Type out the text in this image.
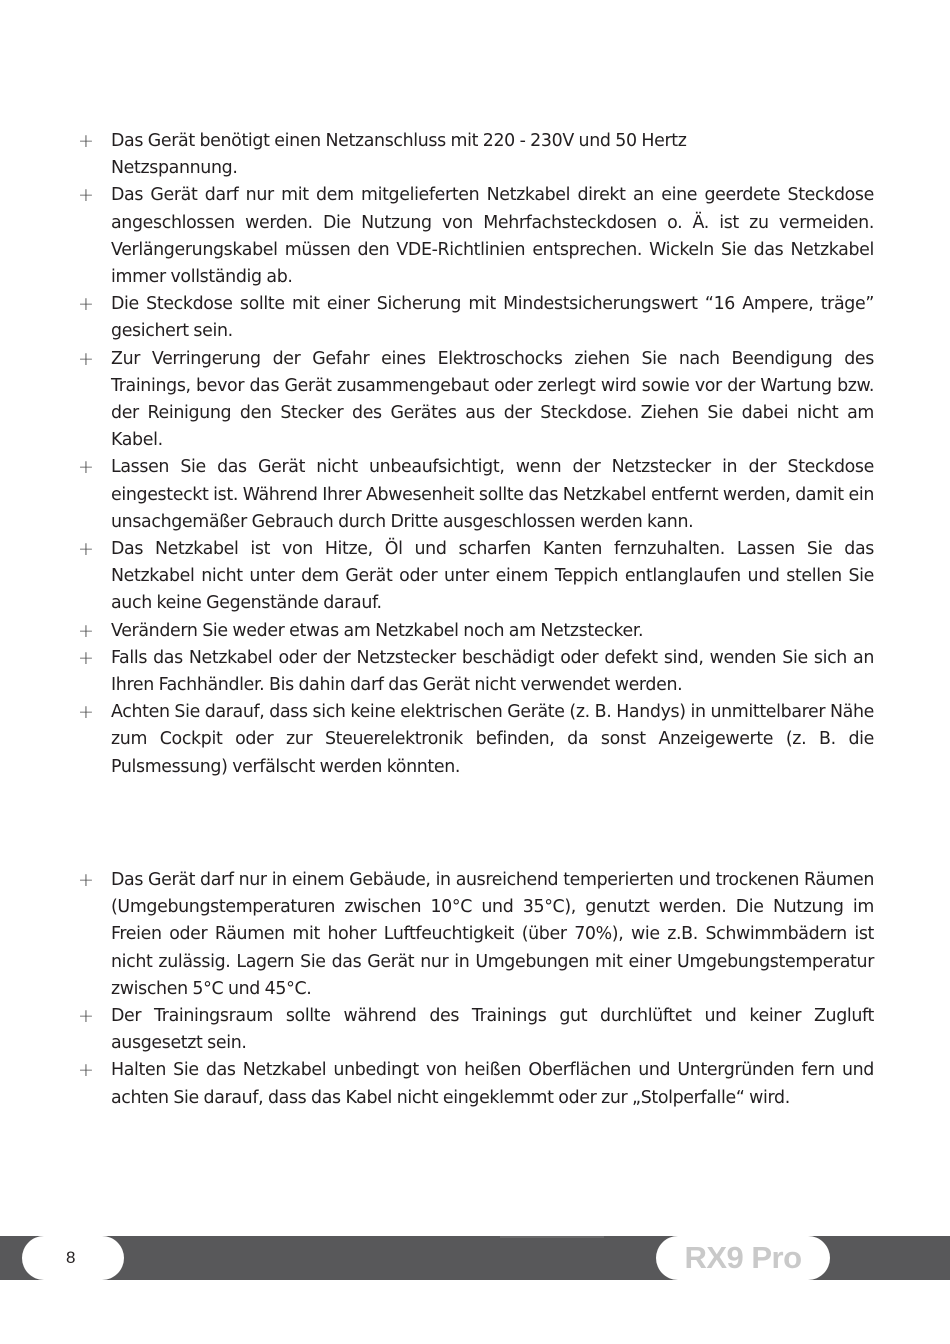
+ Das Gerät benötigt einen Netzanschluss mit 220 - 230V und 50 Hertz Netzspannung.
+ Das Gerät darf nur mit dem mitgelieferten Netzkabel direkt an eine geerdete Steckdose angeschlossen werden. Die Nutzung von Mehrfachsteckdosen o. Ä. ist zu vermeiden. Verlängerungskabel müssen den VDE-Richtlinien entsprechen. Wickeln Sie das Netzkabel immer vollständig ab.
+ Die Steckdose sollte mit einer Sicherung mit Mindestsicherungswert “16 Ampere, träge” gesichert sein.
+ Zur Verringerung der Gefahr eines Elektroschocks ziehen Sie nach Beendigung des Trainings, bevor das Gerät zusammengebaut oder zerlegt wird sowie vor der Wartung bzw. der Reinigung den Stecker des Gerätes aus der Steckdose. Ziehen Sie dabei nicht am Kabel.
+ Lassen Sie das Gerät nicht unbeaufsichtigt, wenn der Netzstecker in der Steckdose eingesteckt ist. Während Ihrer Abwesenheit sollte das Netzkabel entfernt werden, damit ein unsachgemäßer Gebrauch durch Dritte ausgeschlossen werden kann.
+ Das Netzkabel ist von Hitze, Öl und scharfen Kanten fernzuhalten. Lassen Sie das Netzkabel nicht unter dem Gerät oder unter einem Teppich entlanglaufen und stellen Sie auch keine Gegenstände darauf.
+ Verändern Sie weder etwas am Netzkabel noch am Netzstecker.
+ Falls das Netzkabel oder der Netzstecker beschädigt oder defekt sind, wenden Sie sich an Ihren Fachhändler. Bis dahin darf das Gerät nicht verwendet werden.
+ Achten Sie darauf, dass sich keine elektrischen Geräte (z. B. Handys) in unmittelbarer Nähe zum Cockpit oder zur Steuerelektronik befinden, da sonst Anzeigewerte (z. B. die Pulsmessung) verfälscht werden könnten.
+ Das Gerät darf nur in einem Gebäude, in ausreichend temperierten und trockenen Räumen (Umgebungstemperaturen zwischen 10°C und 35°C), genutzt werden. Die Nutzung im Freien oder Räumen mit hoher Luftfeuchtigkeit (über 70%), wie z.B. Schwimmbädern ist nicht zulässig. Lagern Sie das Gerät nur in Umgebungen mit einer Umgebungstemperatur zwischen 5°C und 45°C.
+ Der Trainingsraum sollte während des Trainings gut durchlüftet und keiner Zugluft ausgesetzt sein.
+ Halten Sie das Netzkabel unbedingt von heißen Oberflächen und Untergründen fern und achten Sie darauf, dass das Kabel nicht eingeklemmt oder zur „Stolperfalle“ wird.
8	RX9 Pro
